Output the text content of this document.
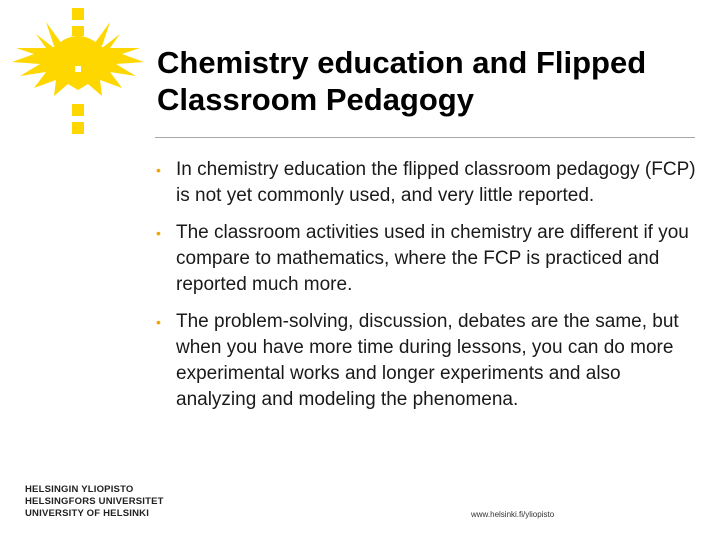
Chemistry education and Flipped
Classroom Pedagogy
• In chemistry education the flipped classroom pedagogy (FCP) is not yet commonly used, and very little reported.
• The classroom activities used in chemistry are different if you compare to mathematics, where the FCP is practiced and reported much more.
• The problem-solving, discussion, debates are the same, but when you have more time during lessons, you can do more experimental works and longer experiments and also analyzing and modeling the phenomena.
HELSINGIN YLIOPISTO
HELSINGFORS UNIVERSITET
UNIVERSITY OF HELSINKI	www.helsinki.fi/yliopisto
